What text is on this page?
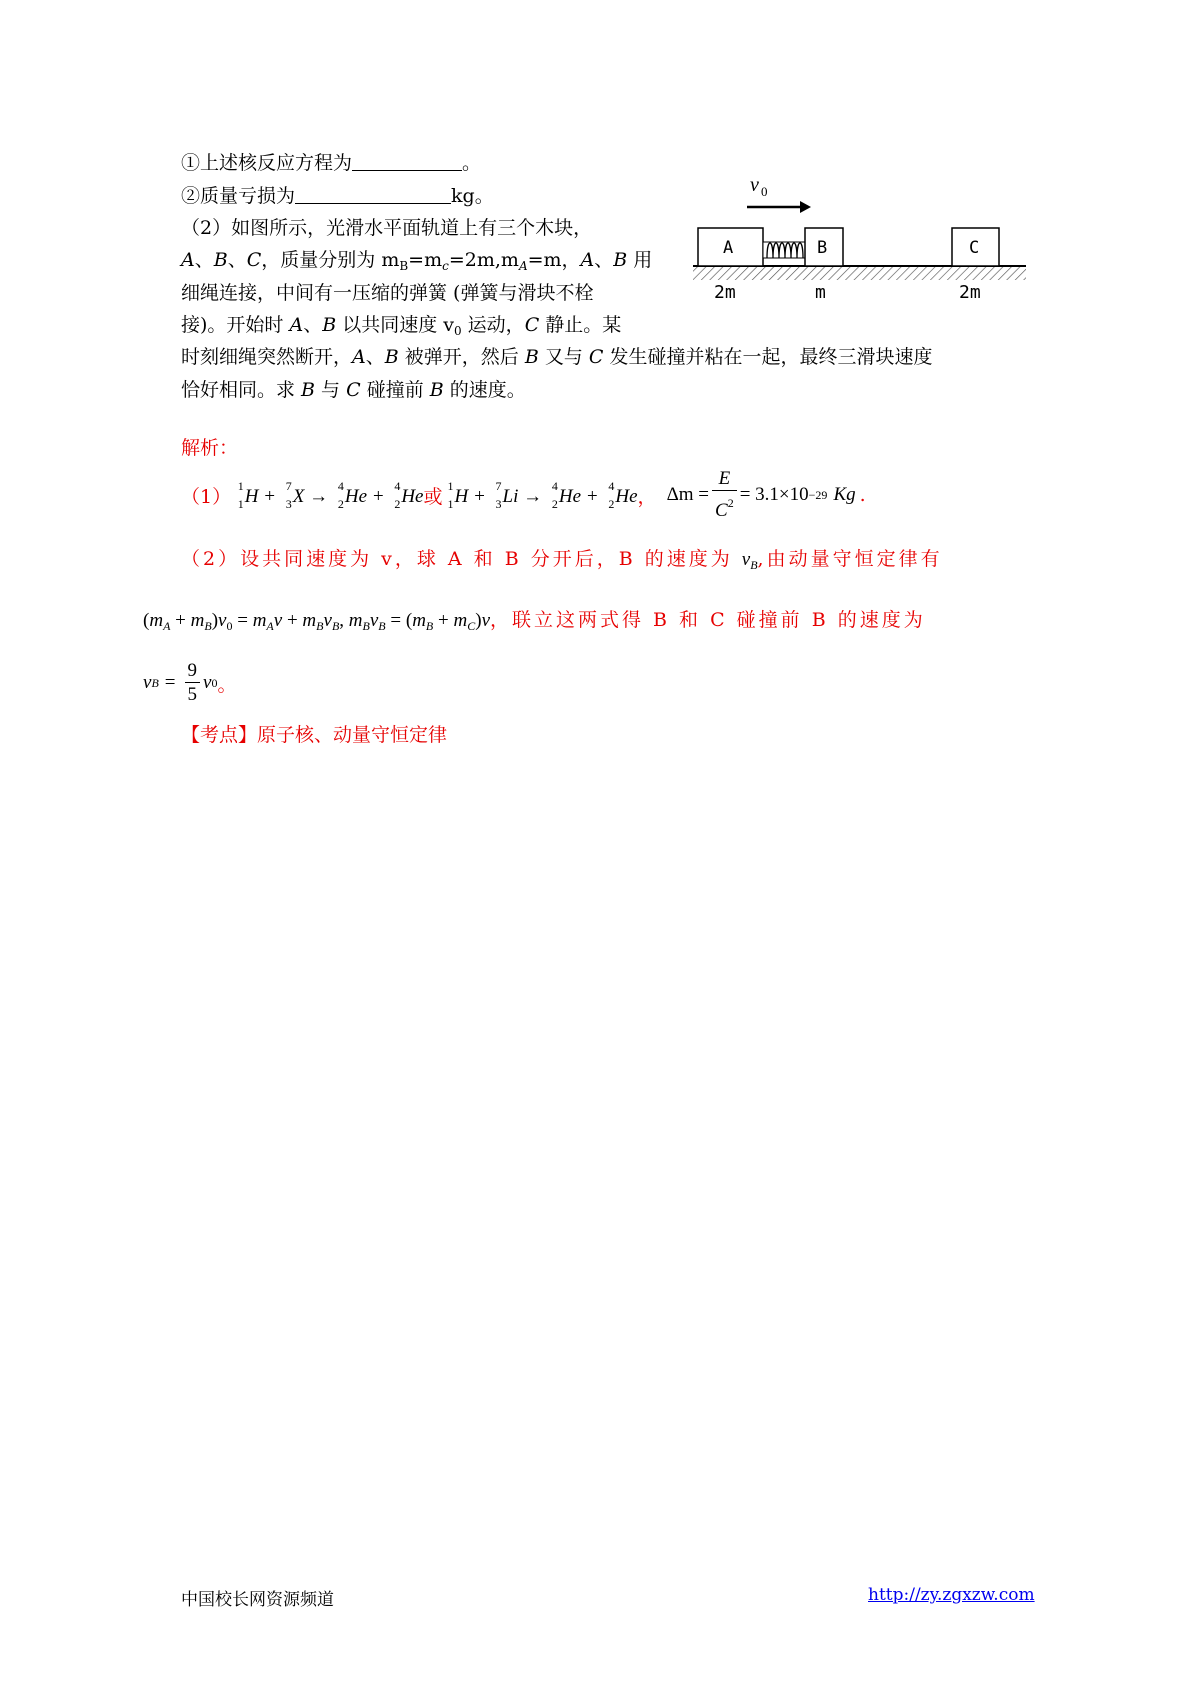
①上述核反应方程为	。
②质量亏损为	kg。
（2）如图所示，光滑水平面轨道上有三个木块，
A、B、C，质量分别为 $m_B=m_c=2m,m_A=m$，A、B 用
细绳连接，中间有一压缩的弹簧 (弹簧与滑块不栓
接)。开始时 A、B 以共同速度 $v_0$ 运动，C 静止。某
时刻细绳突然断开，A、B 被弹开，然后 B 又与 C 发生碰撞并粘在一起，最终三滑块速度
恰好相同。求 B 与 C 碰撞前 B 的速度。
v 0
A	B	C
2m	m	2m
解析：
（1）
  1
1 H + 7
3 X → 4
2 He + 4
2 He 或 1
1 H + 7
3 Li → 4
2 He + 4
2 He ， $\Delta m = \frac{E}{C^2} = 3.1\times 10 -29$ Kg .
（2）设共同速度为 v，球 A 和 B 分开后，B 的速度为 $v_B$,由动量守恒定律有
$(m_A + m_B)v_0 = m_Av + m_Bv_B$, $m_Bv_B = (m_B + m_C)v$，联立这两式得 B 和 C 碰撞前 B 的速度为
v $B = \frac{9}{5}$ v 0 。
【考点】原子核、动量守恒定律
中国校长网资源频道	http://zy.zgxzw.com
